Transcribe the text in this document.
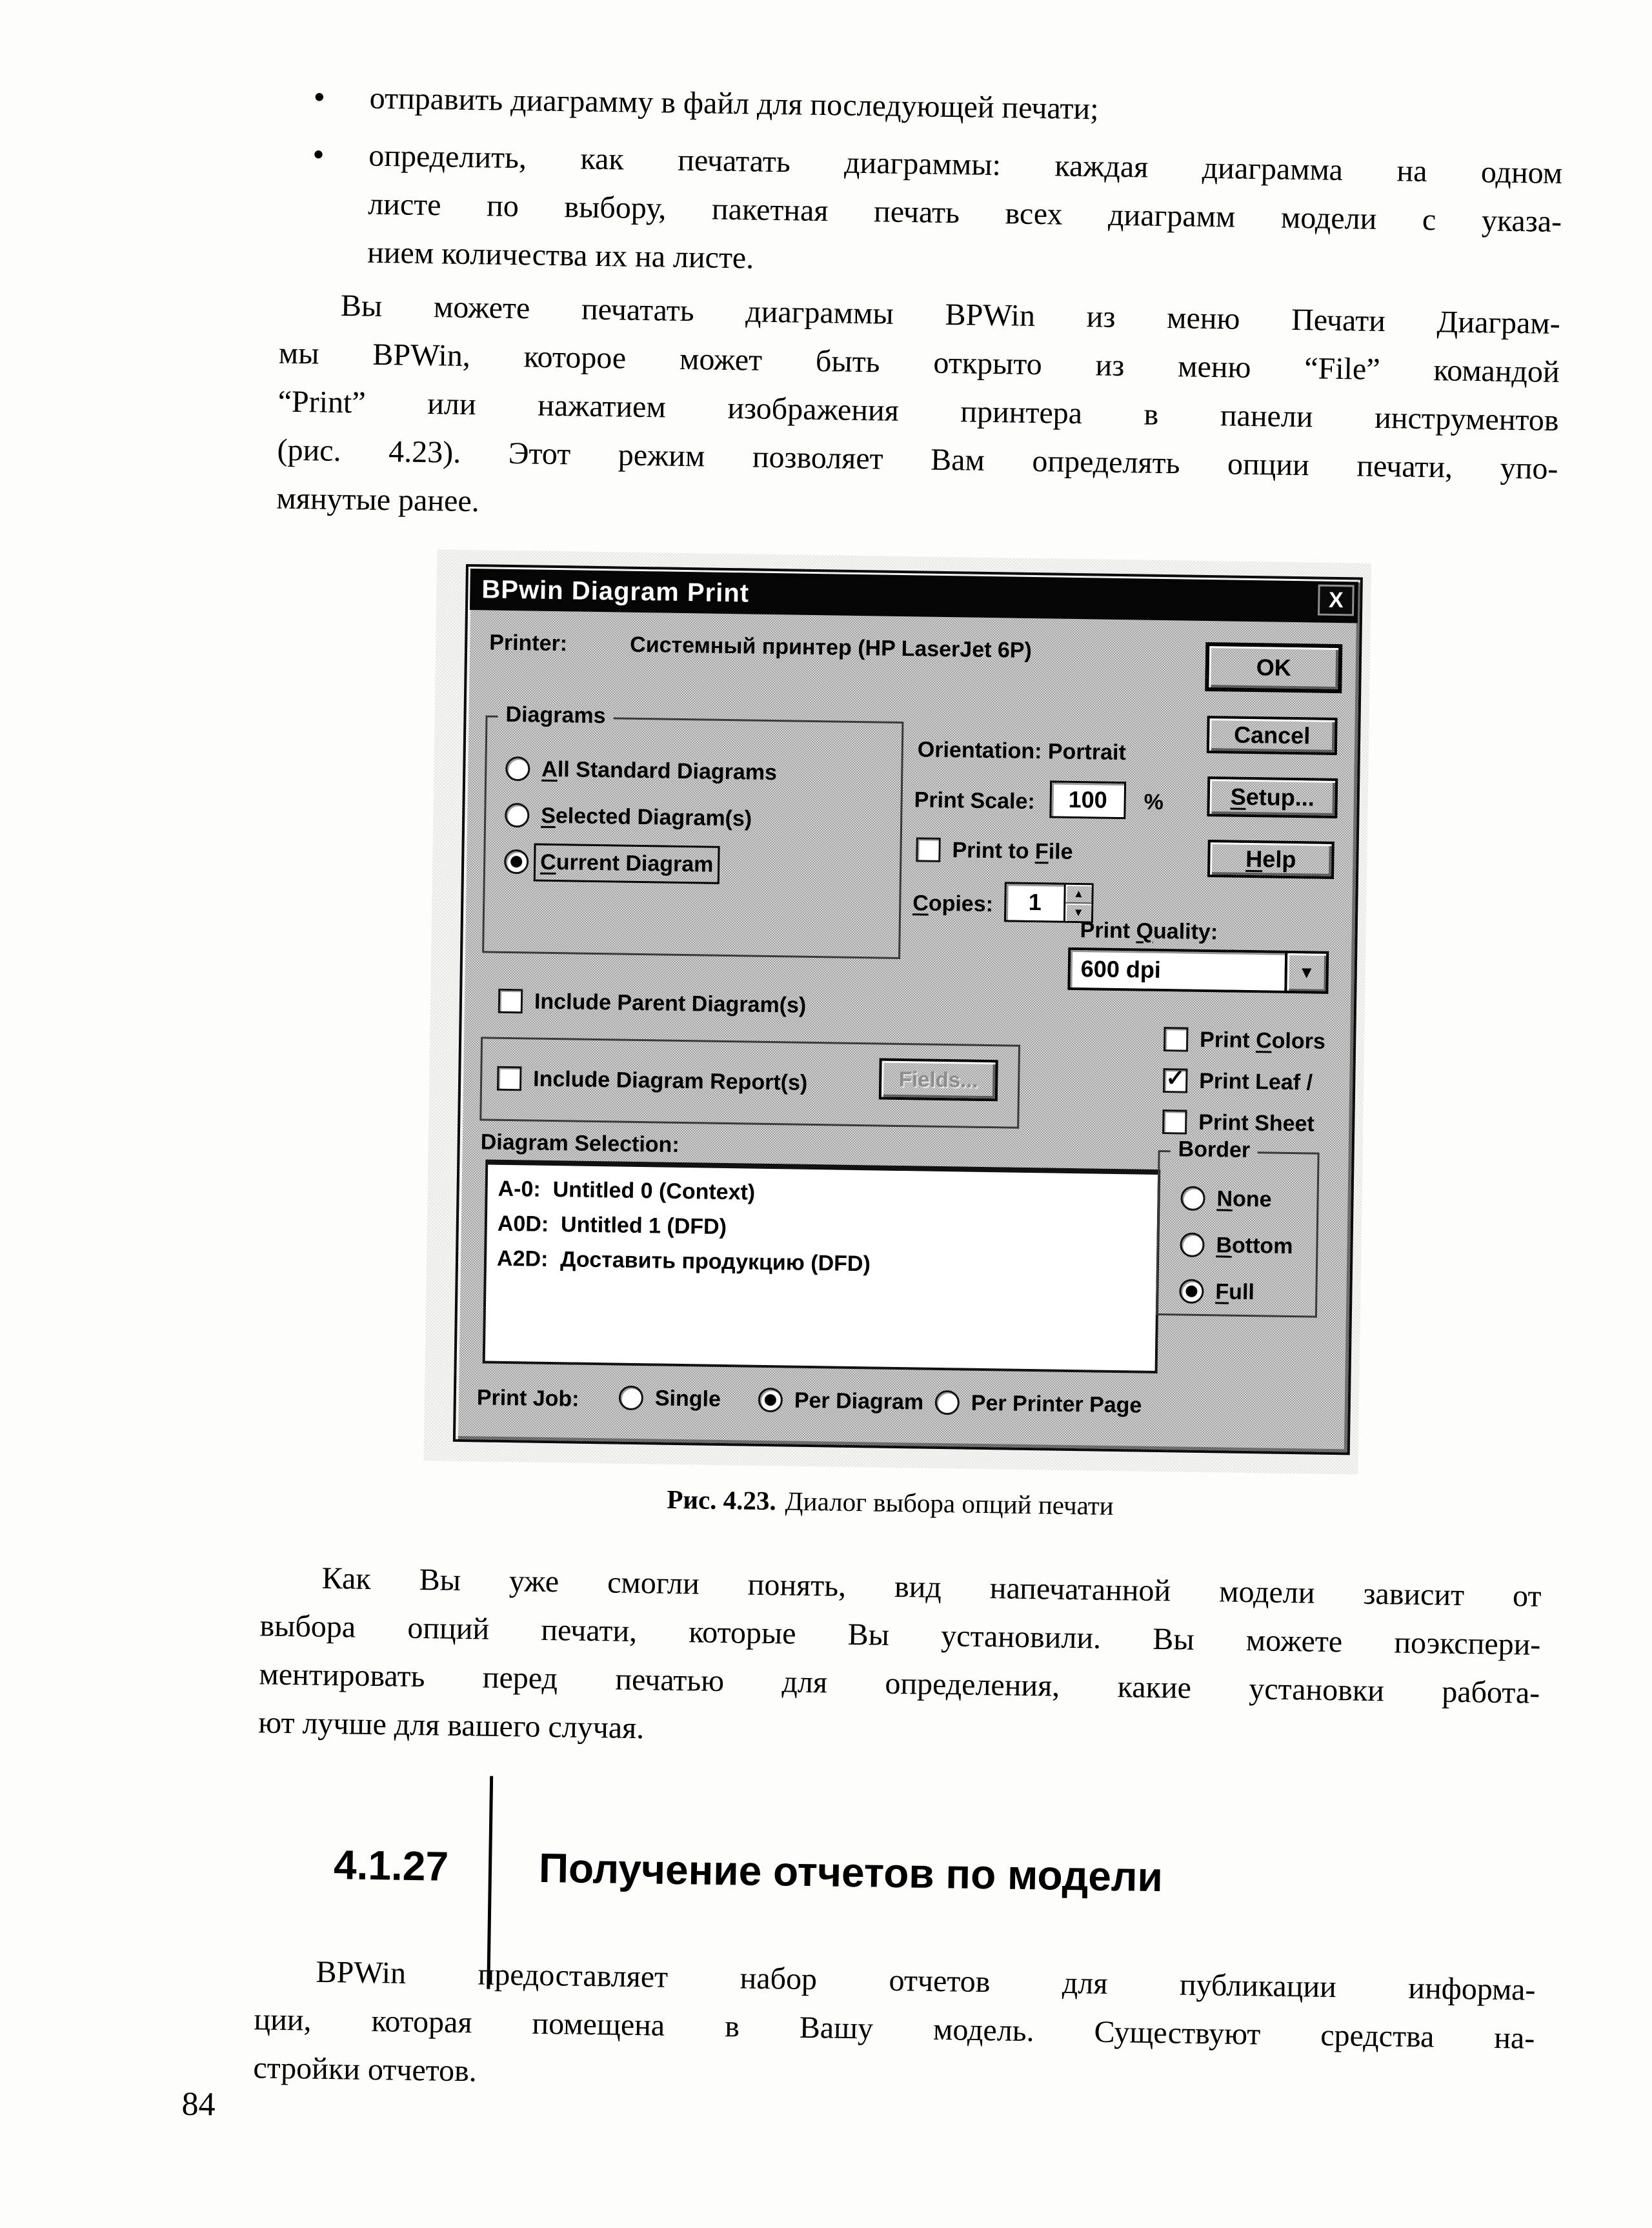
•	отправить диаграмму в файл для последующей печати;
•	определить, как печатать диаграммы: каждая диаграмма на одном
листе по выбору, пакетная печать всех диаграмм модели с указа-
нием количества их на листе.
Вы можете печатать диаграммы BPWin из меню Печати Диаграм-
мы BPWin, которое может быть открыто из меню “File” командой
“Print” или нажатием изображения принтера в панели инструментов
(рис. 4.23). Этот режим позволяет Вам определять опции печати, упо-
мянутые ранее.
BPwin Diagram Print	X
Printer:	Системный принтер (HP LaserJet 6P)
OK
Cancel
Setup...
Help
Diagrams
All Standard Diagrams
Selected Diagram(s)
Current Diagram
Orientation: Portrait
Print Scale: 100 %
Print to File
Copies:	1	▲
▼
Print Quality:
600 dpi	▼
Include Parent Diagram(s)
Include Diagram Report(s)	Fields...
Diagram Selection:
A-0:  Untitled 0 (Context)
A0D:  Untitled 1 (DFD)
A2D:  Доставить продукцию (DFD)
Print Colors
✓ Print Leaf /
Print Sheet
Border
None
Bottom
Full
Print Job:	Single	Per Diagram Per Printer Page
Рис. 4.23. Диалог выбора опций печати
Как Вы уже смогли понять, вид напечатанной модели зависит от
выбора опций печати, которые Вы установили. Вы можете поэкспери-
ментировать перед печатью для определения, какие установки работа-
ют лучше для вашего случая.
4.1.27 Получение отчетов по модели
BPWin предоставляет набор отчетов для публикации информа-
ции, которая помещена в Вашу модель. Существуют средства на-
стройки отчетов.
84
